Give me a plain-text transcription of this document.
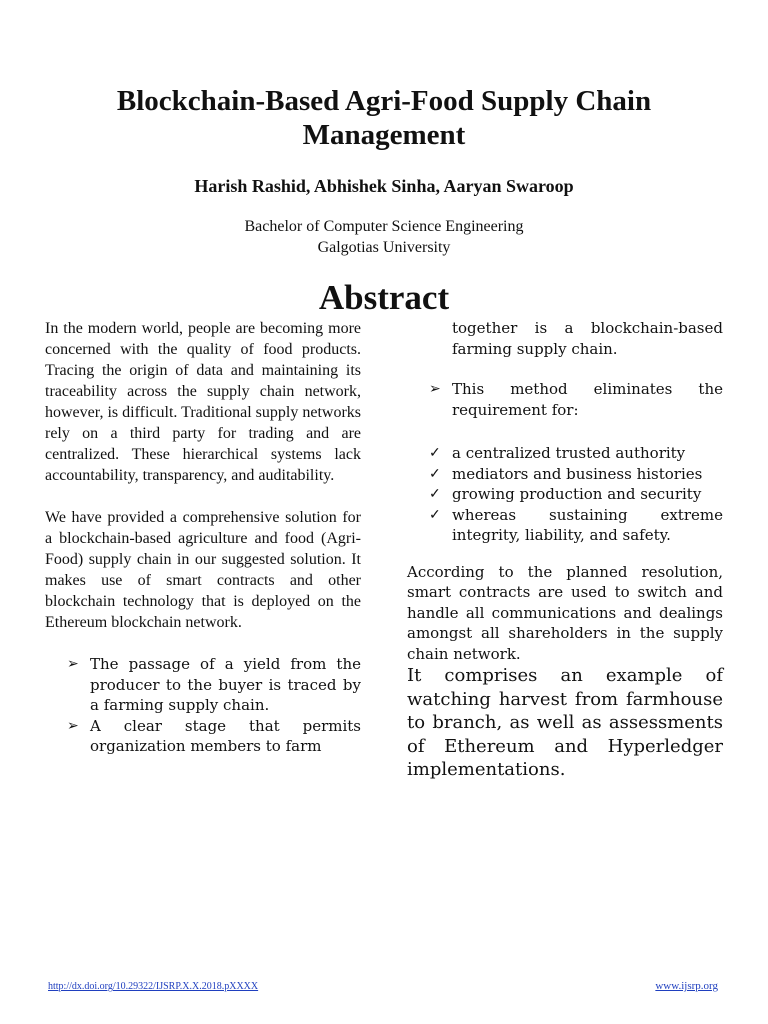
Blockchain-Based Agri-Food Supply Chain Management
Harish Rashid, Abhishek Sinha, Aaryan Swaroop
Bachelor of Computer Science Engineering
Galgotias University
Abstract

In the modern world, people are becoming more concerned with the quality of food products. Tracing the origin of data and maintaining its traceability across the supply chain network, however, is difficult. Traditional supply networks rely on a third party for trading and are centralized. These hierarchical systems lack accountability, transparency, and auditability.

We have provided a comprehensive solution for a blockchain-based agriculture and food (Agri-Food) supply chain in our suggested solution. It makes use of smart contracts and other blockchain technology that is deployed on the Ethereum blockchain network.

➢ The passage of a yield from the producer to the buyer is traced by a farming supply chain.
➢ A clear stage that permits organization members to farm

together is a blockchain-based farming supply chain.

➢ This method eliminates the requirement for:
✓ a centralized trusted authority
✓ mediators and business histories
✓ growing production and security
✓ whereas sustaining extreme integrity, liability, and safety.

According to the planned resolution, smart contracts are used to switch and handle all communications and dealings amongst all shareholders in the supply chain network.

It comprises an example of watching harvest from farmhouse to branch, as well as assessments of Ethereum and Hyperledger implementations.

http://dx.doi.org/10.29322/IJSRP.X.X.2018.pXXXX	www.ijsrp.org
